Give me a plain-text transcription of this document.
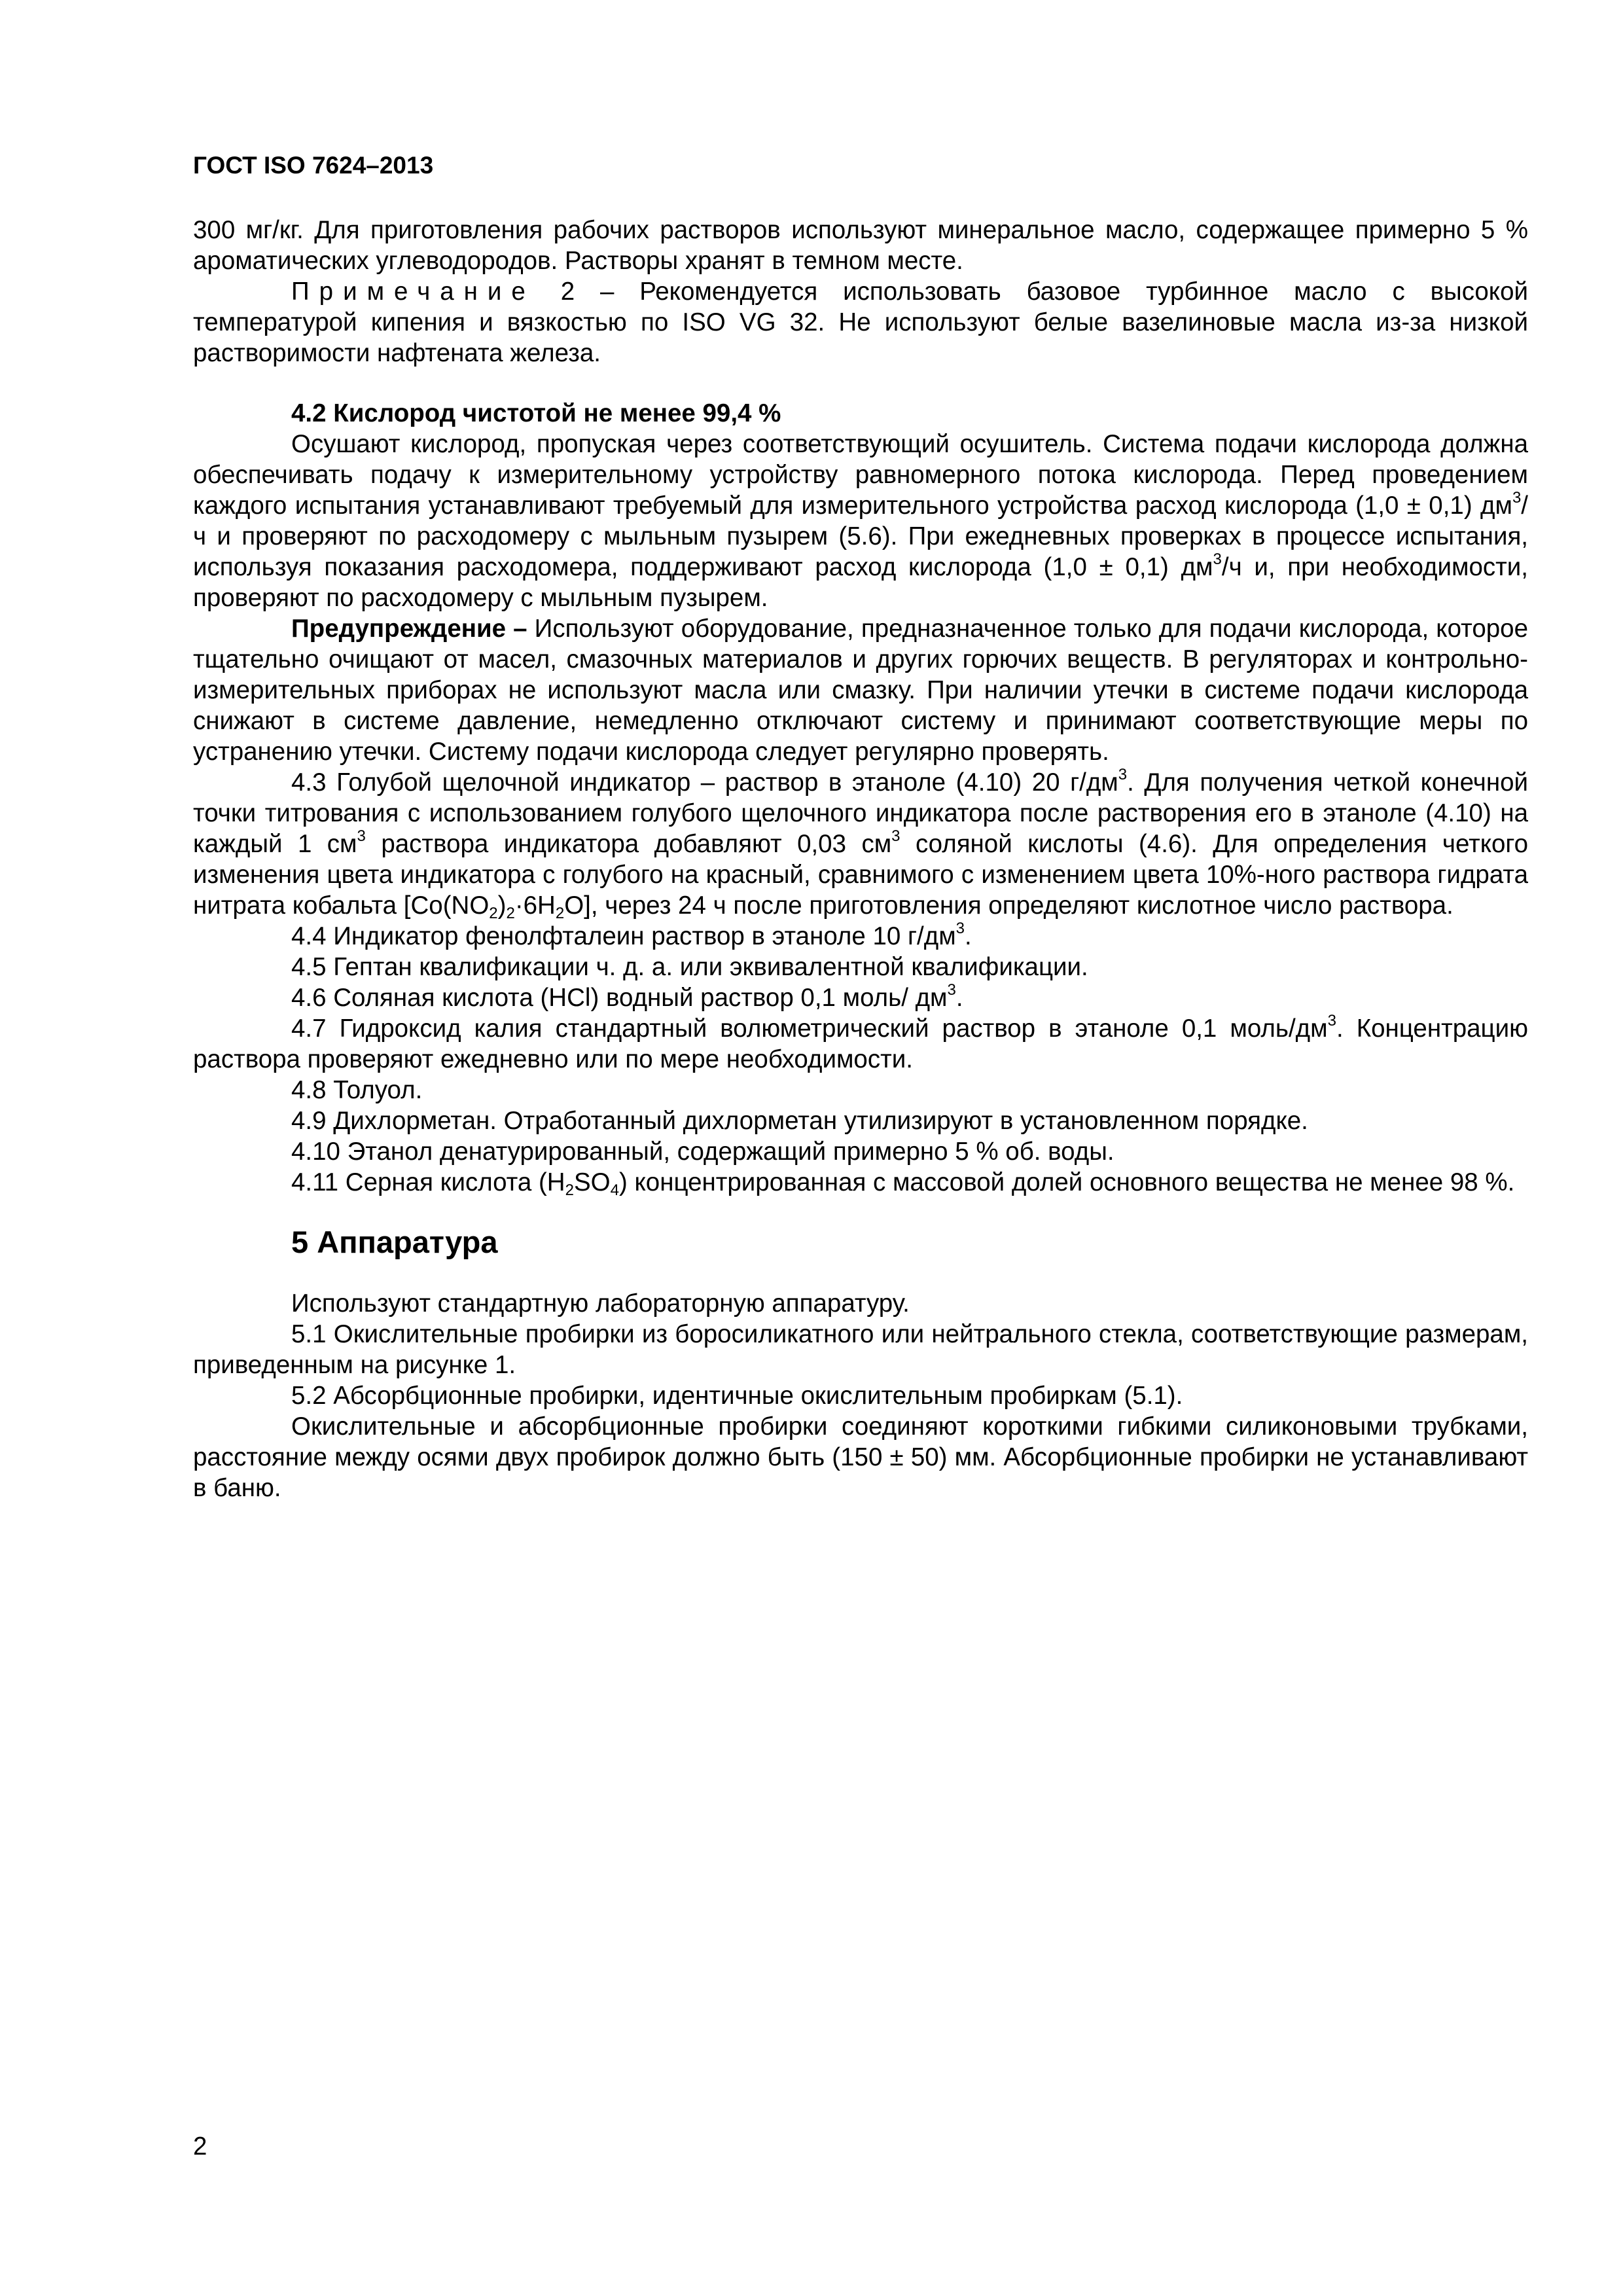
ГОСТ ISO 7624–2013

300 мг/кг. Для приготовления рабочих растворов используют минеральное масло, содержащее примерно 5 % ароматических углеводородов. Растворы хранят в темном месте.

Примечание 2 – Рекомендуется использовать базовое турбинное масло с высокой температурой кипения и вязкостью по ISO VG 32. Не используют белые вазелиновые масла из-за низкой растворимости нафтената железа.

4.2 Кислород чистотой не менее 99,4 %

Осушают кислород, пропуская через соответствующий осушитель. Система подачи кислорода должна обеспечивать подачу к измерительному устройству равномерного потока кислорода. Перед проведением каждого испытания устанавливают требуемый для измерительного устройства расход кислорода (1,0 ± 0,1) $дм^3/ч$ и проверяют по расходомеру с мыльным пузырем (5.6). При ежедневных проверках в процессе испытания, используя показания расходомера, поддерживают расход кислорода (1,0 ± 0,1) $дм^3/ч$ и, при необходимости, проверяют по расходомеру с мыльным пузырем.

Предупреждение – Используют оборудование, предназначенное только для подачи кислорода, которое тщательно очищают от масел, смазочных материалов и других горючих веществ. В регуляторах и контрольно-измерительных приборах не используют масла или смазку. При наличии утечки в системе подачи кислорода снижают в системе давление, немедленно отключают систему и принимают соответствующие меры по устранению утечки. Систему подачи кислорода следует регулярно проверять.

4.3 Голубой щелочной индикатор – раствор в этаноле (4.10) 20 $г/дм^3$. Для получения четкой конечной точки титрования с использованием голубого щелочного индикатора после растворения его в этаноле (4.10) на каждый 1 $см^3$ раствора индикатора добавляют 0,03 $см^3$ соляной кислоты (4.6). Для определения четкого изменения цвета индикатора с голубого на красный, сравнимого с изменением цвета 10%-ного раствора гидрата нитрата кобальта $[Co(NO_2)_2\cdot 6H_2O]$, через 24 ч после приготовления определяют кислотное число раствора.

4.4 Индикатор фенолфталеин раствор в этаноле 10 $г/дм^3$.

4.5 Гептан квалификации ч. д. а. или эквивалентной квалификации.

4.6 Соляная кислота (HCl) водный раствор 0,1 моль/ $дм^3$.

4.7 Гидроксид калия стандартный волюметрический раствор в этаноле 0,1 моль/$дм^3$. Концентрацию раствора проверяют ежедневно или по мере необходимости.

4.8 Толуол.

4.9 Дихлорметан. Отработанный дихлорметан утилизируют в установленном порядке.

4.10 Этанол денатурированный, содержащий примерно 5 % об. воды.

4.11 Серная кислота $(H_2SO_4)$ концентрированная с массовой долей основного вещества не менее 98 %.

5 Аппаратура

Используют стандартную лабораторную аппаратуру.

5.1 Окислительные пробирки из боросиликатного или нейтрального стекла, соответствующие размерам, приведенным на рисунке 1.

5.2 Абсорбционные пробирки, идентичные окислительным пробиркам (5.1).

Окислительные и абсорбционные пробирки соединяют короткими гибкими силиконовыми трубками, расстояние между осями двух пробирок должно быть (150 ± 50) мм. Абсорбционные пробирки не устанавливают в баню.

2
